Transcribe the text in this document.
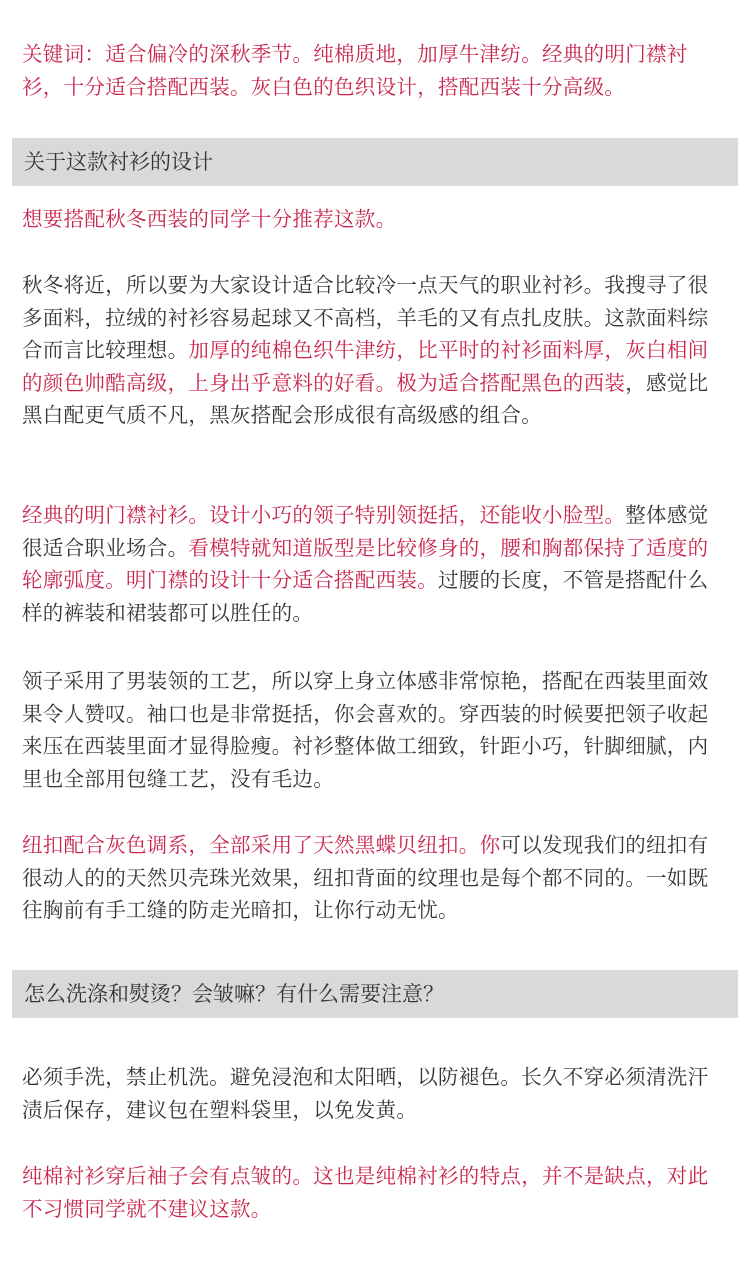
关键词：适合偏冷的深秋季节。纯棉质地，加厚牛津纺。经典的明门襟衬衫，十分适合搭配西装。灰白色的色织设计，搭配西装十分高级。
关于这款衬衫的设计
想要搭配秋冬西装的同学十分推荐这款。
秋冬将近，所以要为大家设计适合比较冷一点天气的职业衬衫。我搜寻了很多面料，拉绒的衬衫容易起球又不高档，羊毛的又有点扎皮肤。这款面料综合而言比较理想。加厚的纯棉色织牛津纺，比平时的衬衫面料厚，灰白相间的颜色帅酷高级，上身出乎意料的好看。极为适合搭配黑色的西装，感觉比黑白配更气质不凡，黑灰搭配会形成很有高级感的组合。
经典的明门襟衬衫。设计小巧的领子特别领挺括，还能收小脸型。整体感觉很适合职业场合。看模特就知道版型是比较修身的，腰和胸都保持了适度的轮廓弧度。明门襟的设计十分适合搭配西装。过腰的长度，不管是搭配什么样的裤装和裙装都可以胜任的。
领子采用了男装领的工艺，所以穿上身立体感非常惊艳，搭配在西装里面效果令人赞叹。袖口也是非常挺括，你会喜欢的。穿西装的时候要把领子收起来压在西装里面才显得脸瘦。衬衫整体做工细致，针距小巧，针脚细腻，内里也全部用包缝工艺，没有毛边。
纽扣配合灰色调系，全部采用了天然黑蝶贝纽扣。你可以发现我们的纽扣有很动人的的天然贝壳珠光效果，纽扣背面的纹理也是每个都不同的。一如既往胸前有手工缝的防走光暗扣，让你行动无忧。
怎么洗涤和熨烫？会皱嘛？有什么需要注意？
必须手洗，禁止机洗。避免浸泡和太阳晒，以防褪色。长久不穿必须清洗汗渍后保存，建议包在塑料袋里，以免发黄。
纯棉衬衫穿后袖子会有点皱的。这也是纯棉衬衫的特点，并不是缺点，对此不习惯同学就不建议这款。
